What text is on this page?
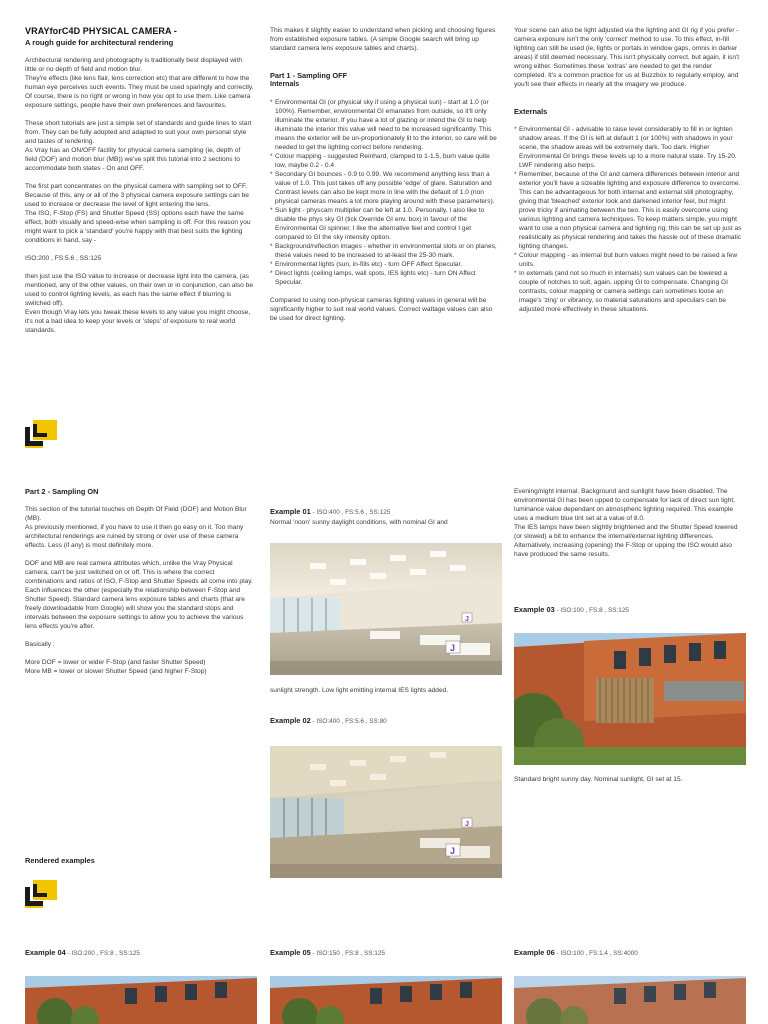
VRAYforC4D PHYSICAL CAMERA -
A rough guide for architectural rendering

Architectural rendering and photography is traditionally best displayed with little or no depth of field and motion blur.

They're effects (like lens flair, lens correction etc) that are different to how the human eye perceives such events. They must be used sparingly and correctly.

Of course, there is no right or wrong in how you opt to use them. Like camera exposure settings, people have their own preferences and favourites.

These short tutorials are just a simple set of standards and guide lines to start from. They can be fully adopted and adapted to suit your own personal style and tastes of rendering.

As Vray has an ON/OFF facility for physical camera sampling (ie, depth of field (DOF) and motion blur (MB)) we've split this tutorial into 2 sections to accommodate both states - On and OFF.

The first part concentrates on the physical camera with sampling set to OFF. Because of this, any or all of the 3 physical camera exposure settings can be used to increase or decrease the level of light entering the lens.

The ISO, F-Stop (FS) and Shutter Speed (SS) options each have the same effect, both visually and speed-wise when sampling is off. For this reason you might want to pick a 'standard' you're happy with that best suits the lighting conditions in hand, say -

ISO:200 , FS:5.6 , SS:125

then just use the ISO value to increase or decrease light into the camera, (as mentioned, any of the other values, on their own or in conjunction, can also be used to control lighting levels, as each has the same effect if blurring is switched off).

Even though Vray lets you tweak these levels to any value you might choose, it's not a bad idea to keep your levels or 'steps' of exposure to real world standards.

This makes it slightly easier to understand when picking and choosing figures from established exposure tables. (A simple Google search will bring up standard camera lens exposure tables and charts).

Part 1 - Sampling OFF
Internals
* Environmental GI (or physical sky if using a physical sun) - start at 1.0 (or 100%). Remember, environmental GI emanates from outside, so it'll only illuminate the exterior. If you have a lot of glazing or intend the GI to help illuminate the interior this value will need to be increased significantly. This means the exterior will be un-proportionately lit to the interior, so care will be needed to get the lighting correct before rendering.
* Colour mapping - suggested Reinhard, clamped to 1-1.5, burn value quite low, maybe 0.2 - 0.4
* Secondary GI bounces - 0.9 to 0.99. We recommend anything less than a value of 1.0. This just takes off any possible 'edge' of glare. Saturation and Contrast levels can also be kept more in line with the default of 1.0 (non physical cameras means a lot more playing around with these parameters).
* Sun light - physcam multiplier can be left at 1.0. Personally, I also like to disable the phys sky GI (tick Override GI env. box) in favour of the Environmental GI spinner. I like the alternative feel and control I get compared to GI the sky intensity option.
* Background/reflection images - whether in environmental slots or on planes, these values need to be increased to at-least the 25-30 mark.
* Environmental lights (sun, in-fills etc) - turn OFF Affect Specular.
* Direct lights (ceiling lamps, wall spots, IES lights etc) - turn ON Affect Specular.

Compared to using non-physical cameras lighting values in general will be significantly higher to suit real world values. Correct wattage values can also be used for direct lighting.

Your scene can also be light adjusted via the lighting and GI rig if you prefer - camera exposure isn't the only 'correct' method to use. To this effect, in-fill lighting can still be used (ie, lights or portals in window gaps, omnis in darker areas) if still deemed necessary. This isn't physically correct, but again, it isn't wrong either. Sometimes these 'extras' are needed to get the render completed. It's a common practice for us at Buzzbox to regularly employ, and you'll see their effects in nearly all the imagery we produce.

Externals
* Environmental GI - advisable to raise level considerably to fill in or lighten shadow areas. If the GI is left at default 1 (or 100%) with shadows in your scene, the shadow areas will be extremely dark. Too dark. Higher Environmental GI brings these levels up to a more natural state. Try 15-20. LWF rendering also helps.
* Remember, because of the GI and camera differences between interior and exterior you'll have a sizeable lighting and exposure difference to overcome. This can be advantageous for both internal and external still photography, giving that 'bleached' exterior look and darkened interior feel, but might prove tricky if animating between the two. This is easily overcome using various lighting and camera techniques. To keep matters simple, you might want to use a non physical camera and lighting rig; this can be set up just as realistically as physical rendering and takes the hassle out of these dramatic lighting changes.
* Colour mapping - as internal but burn values might need to be raised a few units.
* In externals (and not so much in internals) sun values can be lowered a couple of notches to suit, again, upping GI to compensate. Changing GI contrasts, colour mapping or camera settings can sometimes loose an image's 'zing' or vibrancy, so material saturations and speculars can be adjusted more effectively in these situations.
Part 2 - Sampling ON

This section of the tutorial touches oh Depth Of Field (DOF) and Motion Blur (MB).

As previously mentioned, if you have to use it then go easy on it. Too many architectural renderings are ruined by strong or over use of these camera effects. Less (if any) is most definitely more.

DOF and MB are real camera attributes which, unlike the Vray Physical camera, can't be just switched on or off. This is where the correct combinations and ratios of ISO, F-Stop and Shutter Speeds all come into play. Each influences the other (especially the relationship between F-Stop and Shutter Speed). Standard camera lens exposure tables and charts (that are freely downloadable from Google) will show you the standard stops and intervals between the exposure settings to allow you to achieve the various lens effects you're after.

Basically :

More DOF = lower or wider F-Stop (and faster Shutter Speed)

More MB = lower or slower Shutter Speed (and higher F-Stop)

Rendered examples
Example 01 - ISO:400 , FS:5.6 , SS:125

Normal 'noon' sunny daylight conditions, with nominal GI and

J
J

sunlight strength. Low light emitting internal IES lights added.

Example 02 - ISO:400 , FS:5.6 , SS:80
J
J

Evening/night internal. Background and sunlight have been disabled. The environmental GI has been upped to compensate for lack of direct sun light, luminance value dependant on atmospheric lighting required. This example uses a medium blue tint set at a value of 8.0.

The IES lamps have been slightly brightened and the Shutter Speed lowered (or slowed) a bit to enhance the internal/external lighting differences.

Alternatively, increasing (opening) the F-Stop or upping the ISO would also have produced the same results.

Example 03 - ISO:100 , FS:8 , SS:125

Standard bright sunny day. Nominal sunlight, GI set at 15.

Example 04 - ISO:200 , FS:8 , SS:125	Example 05 - ISO:150 , FS:8 , SS:125	Example 06 - ISO:100 , FS:1.4 , SS:4000
